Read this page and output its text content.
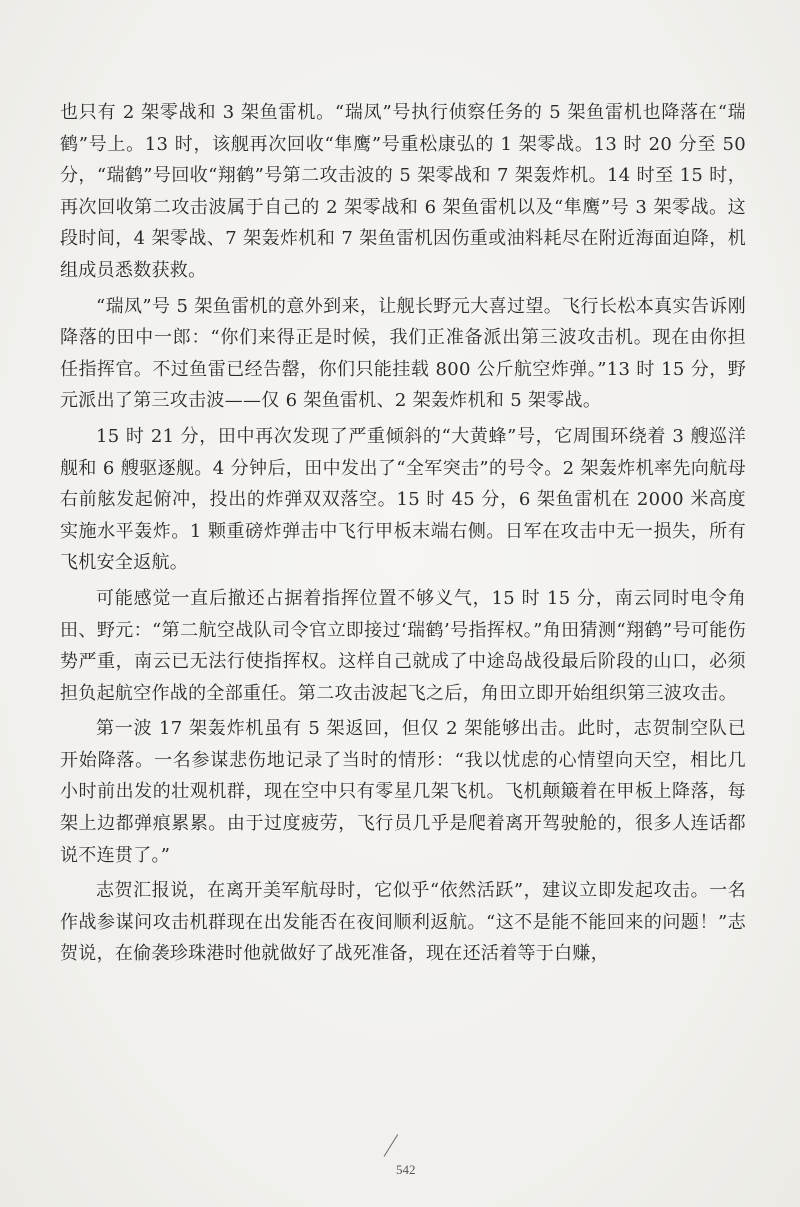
也只有 2 架零战和 3 架鱼雷机。“瑞凤”号执行侦察任务的 5 架鱼雷机也降落在“瑞鹤”号上。13 时，该舰再次回收“隼鹰”号重松康弘的 1 架零战。13 时 20 分至 50 分，“瑞鹤”号回收“翔鹤”号第二攻击波的 5 架零战和 7 架轰炸机。14 时至 15 时，再次回收第二攻击波属于自己的 2 架零战和 6 架鱼雷机以及“隼鹰”号 3 架零战。这段时间，4 架零战、7 架轰炸机和 7 架鱼雷机因伤重或油料耗尽在附近海面迫降，机组成员悉数获救。

“瑞凤”号 5 架鱼雷机的意外到来，让舰长野元大喜过望。飞行长松本真实告诉刚降落的田中一郎：“你们来得正是时候，我们正准备派出第三波攻击机。现在由你担任指挥官。不过鱼雷已经告罄，你们只能挂载 800 公斤航空炸弹。”13 时 15 分，野元派出了第三攻击波——仅 6 架鱼雷机、2 架轰炸机和 5 架零战。

15 时 21 分，田中再次发现了严重倾斜的“大黄蜂”号，它周围环绕着 3 艘巡洋舰和 6 艘驱逐舰。4 分钟后，田中发出了“全军突击”的号令。2 架轰炸机率先向航母右前舷发起俯冲，投出的炸弹双双落空。15 时 45 分，6 架鱼雷机在 2000 米高度实施水平轰炸。1 颗重磅炸弹击中飞行甲板末端右侧。日军在攻击中无一损失，所有飞机安全返航。

可能感觉一直后撤还占据着指挥位置不够义气，15 时 15 分，南云同时电令角田、野元：“第二航空战队司令官立即接过‘瑞鹤’号指挥权。”角田猜测“翔鹤”号可能伤势严重，南云已无法行使指挥权。这样自己就成了中途岛战役最后阶段的山口，必须担负起航空作战的全部重任。第二攻击波起飞之后，角田立即开始组织第三波攻击。

第一波 17 架轰炸机虽有 5 架返回，但仅 2 架能够出击。此时，志贺制空队已开始降落。一名参谋悲伤地记录了当时的情形：“我以忧虑的心情望向天空，相比几小时前出发的壮观机群，现在空中只有零星几架飞机。飞机颠簸着在甲板上降落，每架上边都弹痕累累。由于过度疲劳，飞行员几乎是爬着离开驾驶舱的，很多人连话都说不连贯了。”

志贺汇报说，在离开美军航母时，它似乎“依然活跃”，建议立即发起攻击。一名作战参谋问攻击机群现在出发能否在夜间顺利返航。“这不是能不能回来的问题！”志贺说，在偷袭珍珠港时他就做好了战死准备，现在还活着等于白赚，

542
